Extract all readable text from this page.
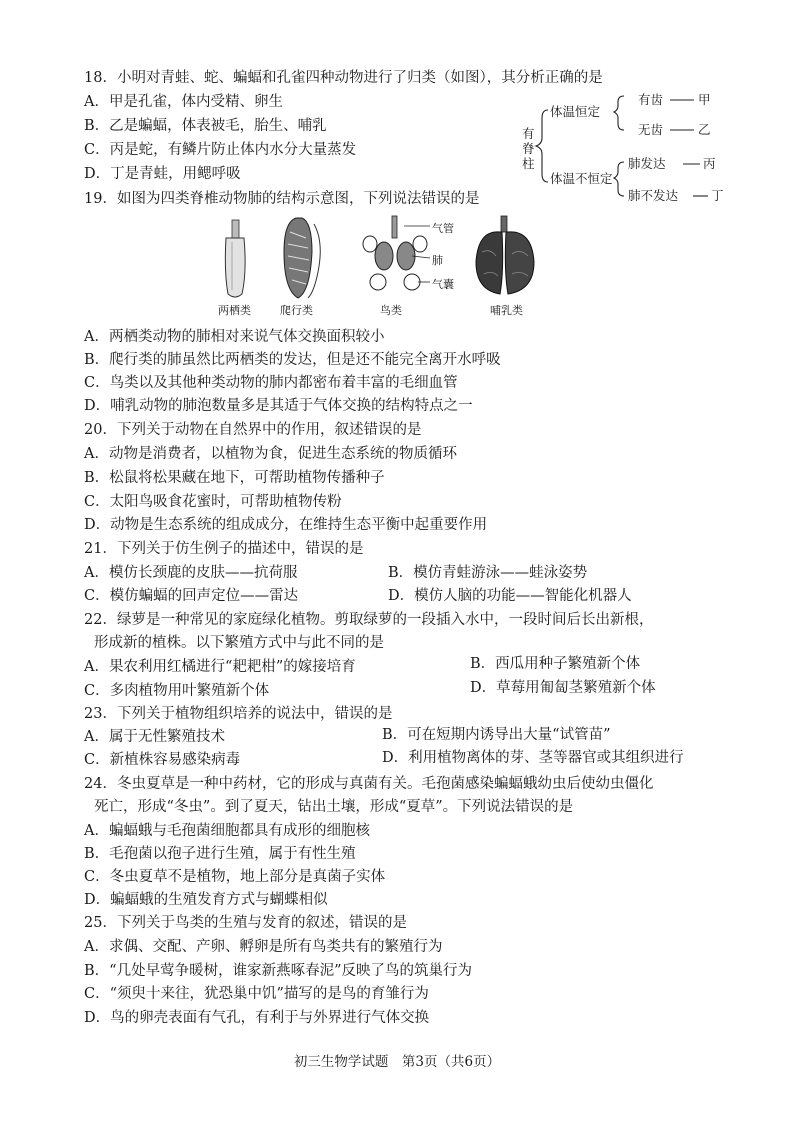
18．小明对青蛙、蛇、蝙蝠和孔雀四种动物进行了归类（如图），其分析正确的是
A．甲是孔雀，体内受精、卵生
B．乙是蝙蝠，体表被毛，胎生、哺乳
C．丙是蛇，有鳞片防止体内水分大量蒸发
D．丁是青蛙，用鳃呼吸
有脊柱
体温恒定
体温不恒定
有齿
无齿
肺发达
肺不发达
甲
乙
丙
丁
19．如图为四类脊椎动物肺的结构示意图，下列说法错误的是
气管
肺
气囊
两栖类	爬行类	鸟类	哺乳类
A．两栖类动物的肺相对来说气体交换面积较小
B．爬行类的肺虽然比两栖类的发达，但是还不能完全离开水呼吸
C．鸟类以及其他种类动物的肺内都密布着丰富的毛细血管
D．哺乳动物的肺泡数量多是其适于气体交换的结构特点之一
20．下列关于动物在自然界中的作用，叙述错误的是
A．动物是消费者，以植物为食，促进生态系统的物质循环
B．松鼠将松果藏在地下，可帮助植物传播种子
C．太阳鸟吸食花蜜时，可帮助植物传粉
D．动物是生态系统的组成成分，在维持生态平衡中起重要作用
21．下列关于仿生例子的描述中，错误的是
A．模仿长颈鹿的皮肤——抗荷服	B．模仿青蛙游泳——蛙泳姿势
C．模仿蝙蝠的回声定位——雷达	D．模仿人脑的功能——智能化机器人
22．绿萝是一种常见的家庭绿化植物。剪取绿萝的一段插入水中，一段时间后长出新根，
形成新的植株。以下繁殖方式中与此不同的是
A．果农利用红橘进行“耙耙柑”的嫁接培育	B．西瓜用种子繁殖新个体
C．多肉植物用叶繁殖新个体	D．草莓用匍匐茎繁殖新个体
23．下列关于植物组织培养的说法中，错误的是
A．属于无性繁殖技术	B．可在短期内诱导出大量“试管苗”
C．新植株容易感染病毒	D．利用植物离体的芽、茎等器官或其组织进行
24．冬虫夏草是一种中药材，它的形成与真菌有关。毛孢菌感染蝙蝠蛾幼虫后使幼虫僵化
死亡，形成“冬虫”。到了夏天，钻出土壤，形成“夏草”。下列说法错误的是
A．蝙蝠蛾与毛孢菌细胞都具有成形的细胞核
B．毛孢菌以孢子进行生殖，属于有性生殖
C．冬虫夏草不是植物，地上部分是真菌子实体
D．蝙蝠蛾的生殖发育方式与蝴蝶相似
25．下列关于鸟类的生殖与发育的叙述，错误的是
A．求偶、交配、产卵、孵卵是所有鸟类共有的繁殖行为
B．“几处早莺争暖树，谁家新燕啄春泥”反映了鸟的筑巢行为
C．“须臾十来往，犹恐巢中饥”描写的是鸟的育雏行为
D．鸟的卵壳表面有气孔，有利于与外界进行气体交换
初三生物学试题　第3页（共6页）
